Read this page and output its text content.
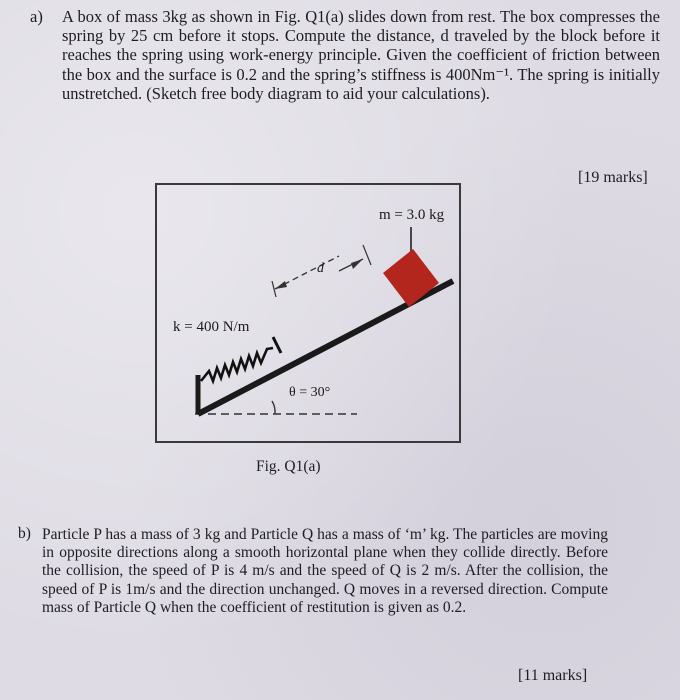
a) A box of mass 3kg as shown in Fig. Q1(a) slides down from rest. The box compresses the spring by 25 cm before it stops. Compute the distance, d traveled by the block before it reaches the spring using work-energy principle. Given the coefficient of friction between the box and the surface is 0.2 and the spring’s stiffness is 400Nm⁻¹. The spring is initially unstretched. (Sketch free body diagram to aid your calculations).
[19 marks]
m = 3.0 kg
k = 400 N/m
d
θ = 30°
Fig. Q1(a)
b) Particle P has a mass of 3 kg and Particle Q has a mass of ‘m’ kg. The particles are moving in opposite directions along a smooth horizontal plane when they collide directly. Before the collision, the speed of P is 4 m/s and the speed of Q is 2 m/s. After the collision, the speed of P is 1m/s and the direction unchanged. Q moves in a reversed direction. Compute mass of Particle Q when the coefficient of restitution is given as 0.2.
[11 marks]
